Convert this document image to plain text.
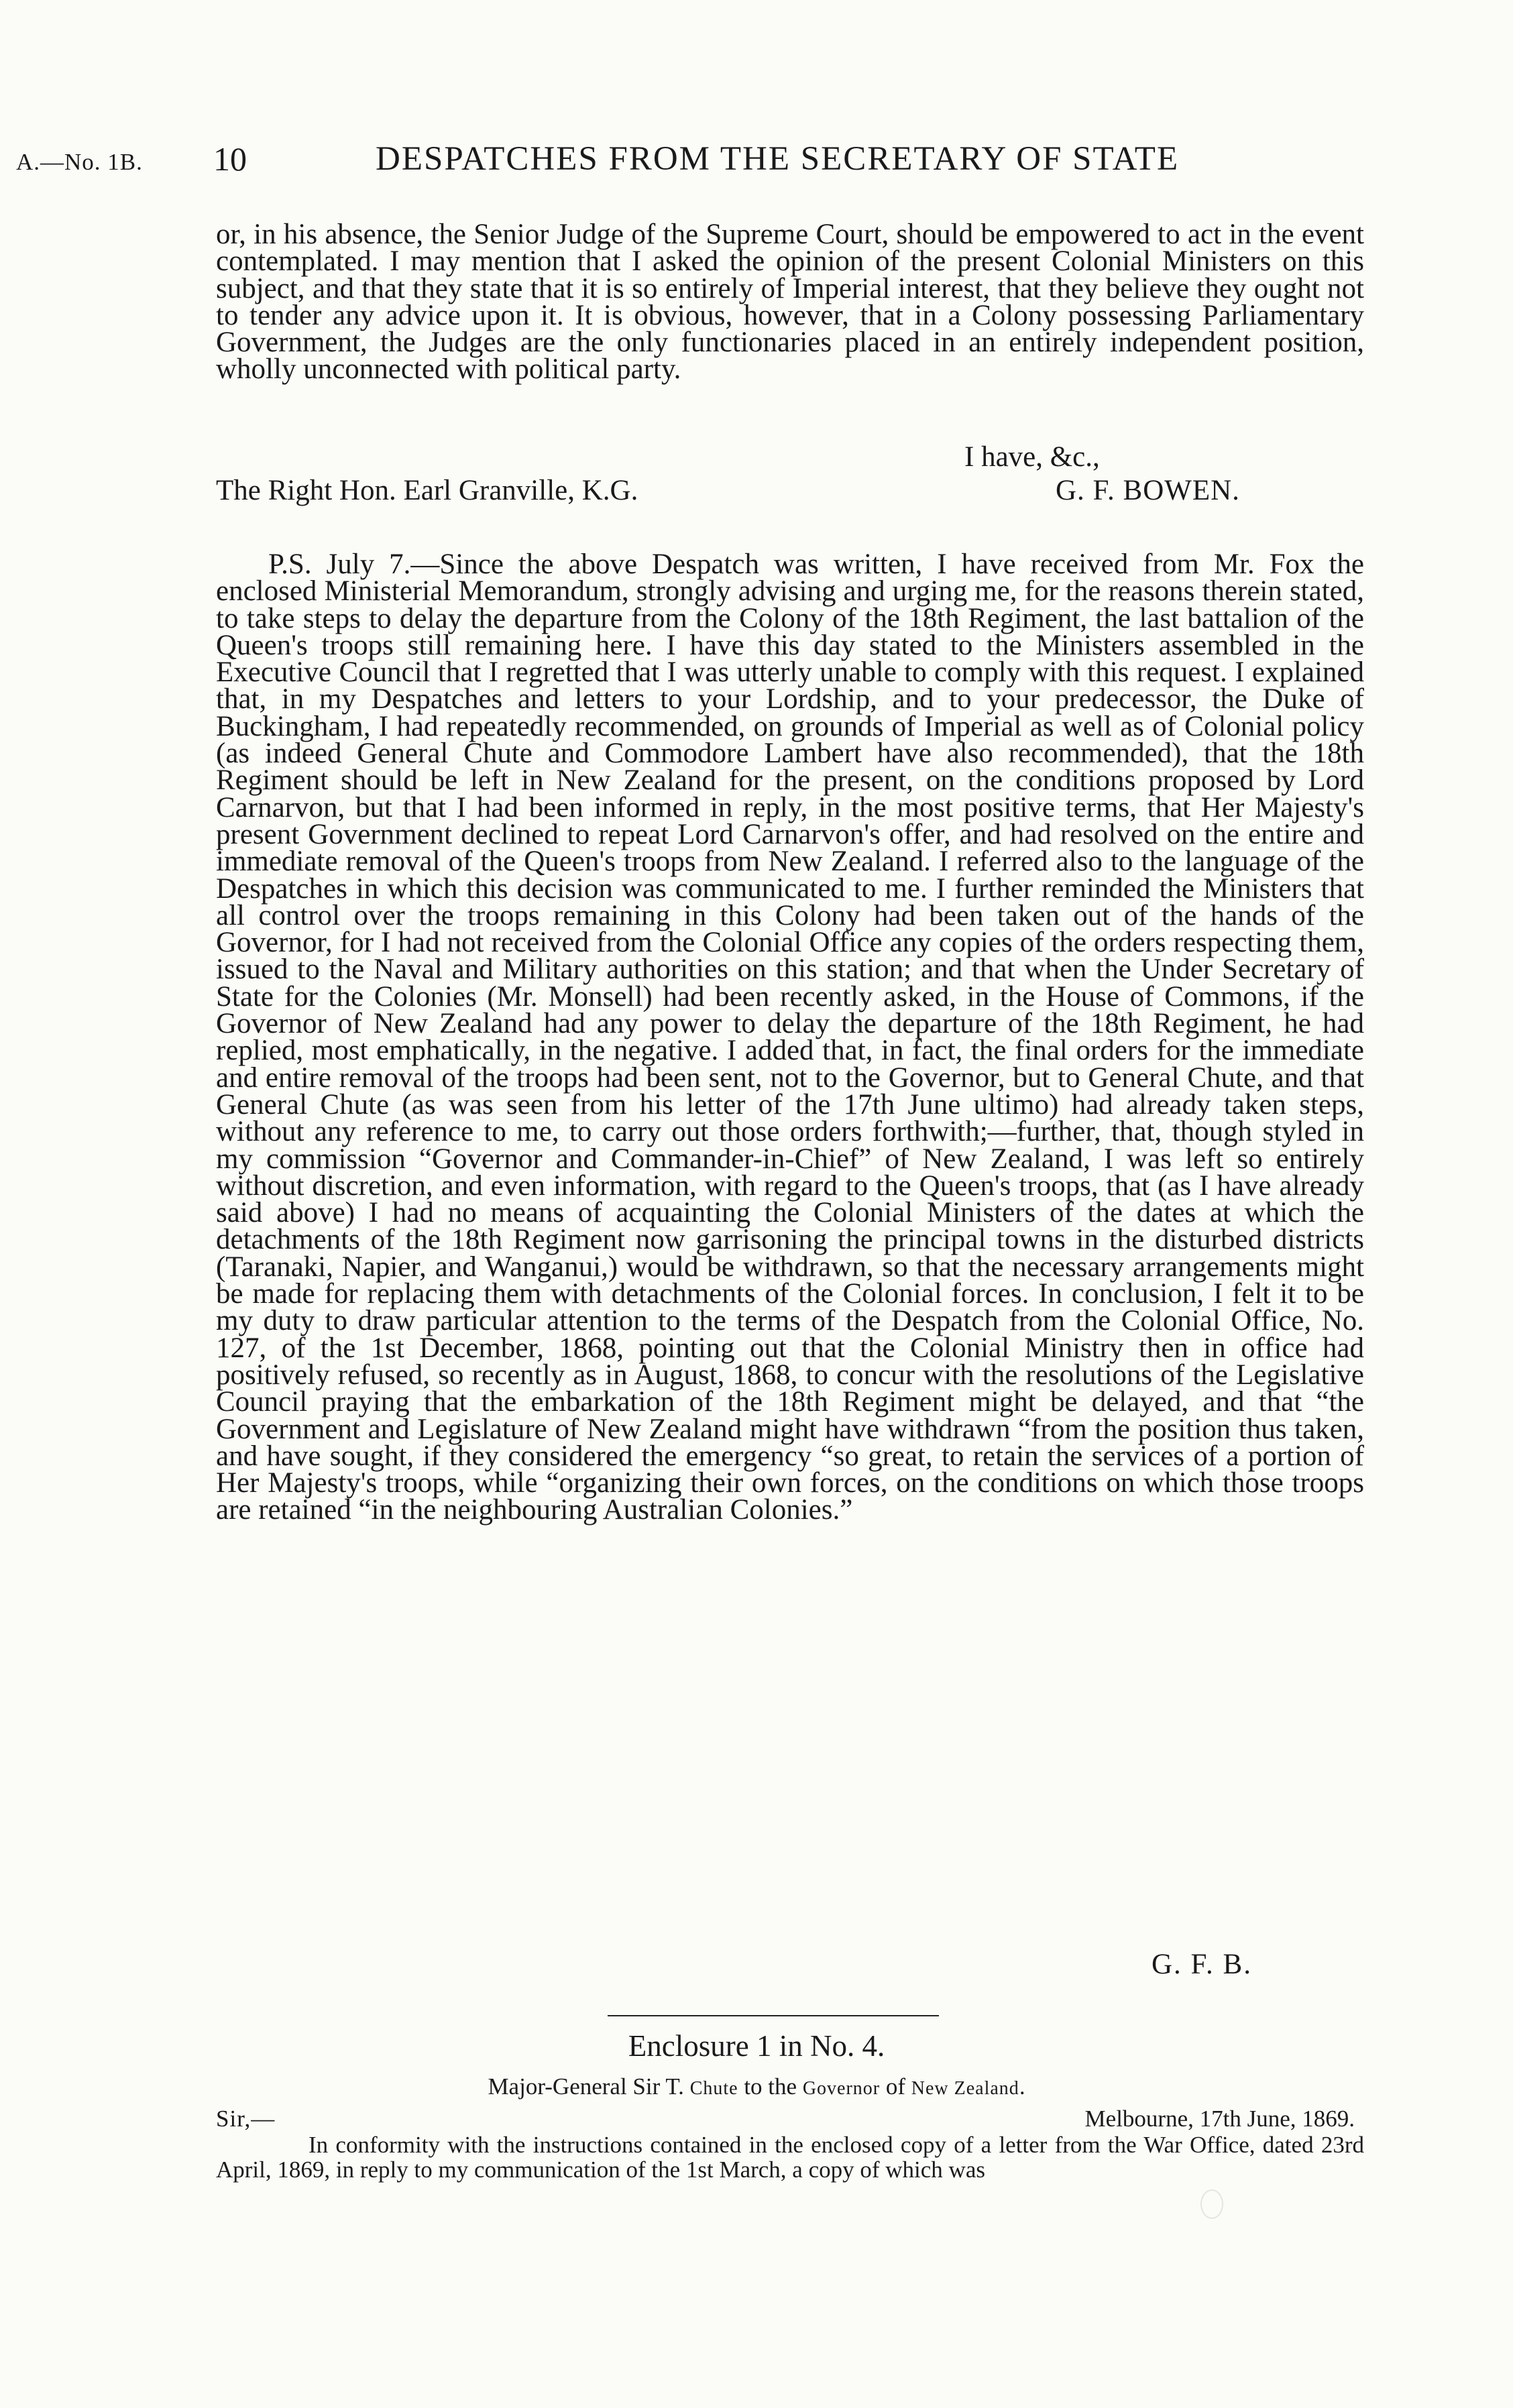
A.—No. 1B. 10	DESPATCHES FROM THE SECRETARY OF STATE

or, in his absence, the Senior Judge of the Supreme Court, should be empowered to act in the event contemplated. I may mention that I asked the opinion of the present Colonial Ministers on this subject, and that they state that it is so entirely of Imperial interest, that they believe they ought not to tender any advice upon it. It is obvious, however, that in a Colony possessing Parliamentary Government, the Judges are the only functionaries placed in an entirely independent position, wholly unconnected with political party.

I have, &c.,
The Right Hon. Earl Granville, K.G.	G. F. BOWEN.

P.S. July 7.—Since the above Despatch was written, I have received from Mr. Fox the enclosed Ministerial Memorandum, strongly advising and urging me, for the reasons therein stated, to take steps to delay the departure from the Colony of the 18th Regiment, the last battalion of the Queen's troops still remaining here. I have this day stated to the Ministers assembled in the Executive Council that I regretted that I was utterly unable to comply with this request. I explained that, in my Despatches and letters to your Lordship, and to your predecessor, the Duke of Buckingham, I had repeatedly recommended, on grounds of Imperial as well as of Colonial policy (as indeed General Chute and Commodore Lambert have also recommended), that the 18th Regiment should be left in New Zealand for the present, on the conditions proposed by Lord Carnarvon, but that I had been informed in reply, in the most positive terms, that Her Majesty's present Government declined to repeat Lord Carnarvon's offer, and had resolved on the entire and immediate removal of the Queen's troops from New Zealand. I referred also to the language of the Despatches in which this decision was communicated to me. I further reminded the Ministers that all control over the troops remaining in this Colony had been taken out of the hands of the Governor, for I had not received from the Colonial Office any copies of the orders respecting them, issued to the Naval and Military authorities on this station; and that when the Under Secretary of State for the Colonies (Mr. Monsell) had been recently asked, in the House of Commons, if the Governor of New Zealand had any power to delay the departure of the 18th Regiment, he had replied, most emphatically, in the negative. I added that, in fact, the final orders for the immediate and entire removal of the troops had been sent, not to the Governor, but to General Chute, and that General Chute (as was seen from his letter of the 17th June ultimo) had already taken steps, without any reference to me, to carry out those orders forthwith;—further, that, though styled in my commission “Governor and Commander-in-Chief” of New Zealand, I was left so entirely without discretion, and even information, with regard to the Queen's troops, that (as I have already said above) I had no means of acquainting the Colonial Ministers of the dates at which the detachments of the 18th Regiment now garrisoning the principal towns in the disturbed districts (Taranaki, Napier, and Wanganui,) would be withdrawn, so that the necessary arrangements might be made for replacing them with detachments of the Colonial forces. In conclusion, I felt it to be my duty to draw particular attention to the terms of the Despatch from the Colonial Office, No. 127, of the 1st December, 1868, pointing out that the Colonial Ministry then in office had positively refused, so recently as in August, 1868, to concur with the resolutions of the Legislative Council praying that the embarkation of the 18th Regiment might be delayed, and that “the Government and Legislature of New Zealand might have withdrawn “from the position thus taken, and have sought, if they considered the emergency “so great, to retain the services of a portion of Her Majesty's troops, while “organizing their own forces, on the conditions on which those troops are retained “in the neighbouring Australian Colonies.”

G. F. B.
Enclosure 1 in No. 4.
Major-General Sir T. Chute to the Governor of New Zealand.
Sir,—	Melbourne, 17th June, 1869.

In conformity with the instructions contained in the enclosed copy of a letter from the War Office, dated 23rd April, 1869, in reply to my communication of the 1st March, a copy of which was
